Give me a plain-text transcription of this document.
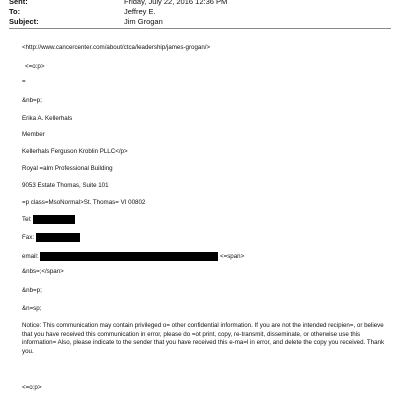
Sent:	Friday, July 22, 2016 12:36 PM
To:	Jeffrey E.
Subject:	Jim Grogan
<http://www.cancercenter.com/about/ctca/leadership/james-grogan/>
<=o:p>
=
&nb=p;
Erika A. Kellerhals
Member
Kellerhals Ferguson Kroblin PLLC</p>
Royal =alm Professional Building
9053 Estate Thomas, Suite 101
=p class=MsoNormal>St. Thomas= VI 00802
Tel:
Fax:
email:	<=span>
&nbs=;</span>
&nb=p;
&n=sp;
Notice: This communication may contain privileged o= other confidential information. If you are not the intended recipien=, or believe that you have received this communication in error, please do =ot print, copy, re-transmit, disseminate, or otherwise use this information= Also, please indicate to the sender that you have received this e-ma=l in error, and delete the copy you received. Thank you.
<=o:p>
